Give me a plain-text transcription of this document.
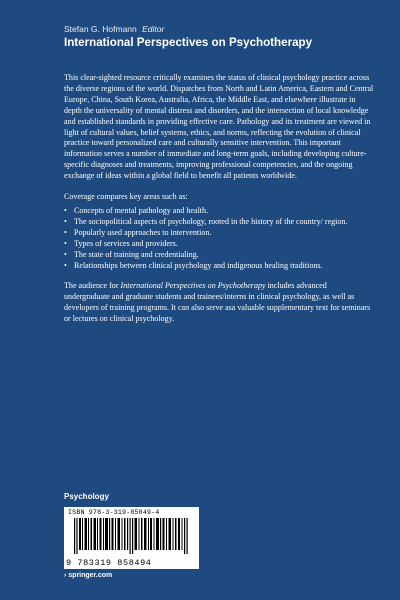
Stefan G. Hofmann Editor
International Perspectives on Psychotherapy

This clear-sighted resource critically examines the status of clinical psychology practice across the diverse regions of the world. Dispatches from North and Latin America, Eastern and Central Europe, China, South Korea, Australia, Africa, the Middle East, and elsewhere illustrate in depth the universality of mental distress and disorders, and the intersection of local knowledge and established standards in providing effective care. Pathology and its treatment are viewed in light of cultural values, belief systems, ethics, and norms, reflecting the evolution of clinical practice toward personalized care and culturally sensitive intervention. This important information serves a number of immediate and long-term goals, including developing culture-specific diagnoses and treatments, improving professional competencies, and the ongoing exchange of ideas within a global field to benefit all patients worldwide.

Coverage compares key areas such as:

• Concepts of mental pathology and health.
• The sociopolitical aspects of psychology, rooted in the history of the country/ region.
• Popularly used approaches to intervention.
• Types of services and providers.
• The state of training and credentialing.
• Relationships between clinical psychology and indigenous healing traditions.

The audience for International Perspectives on Psychotherapy includes advanced undergraduate and graduate students and trainees/interns in clinical psychology, as well as developers of training programs. It can also serve asa valuable supplementary text for seminars or lectures on clinical psychology.

Psychology
ISBN 978-3-319-85849-4
9 783319 858494
› springer.com
